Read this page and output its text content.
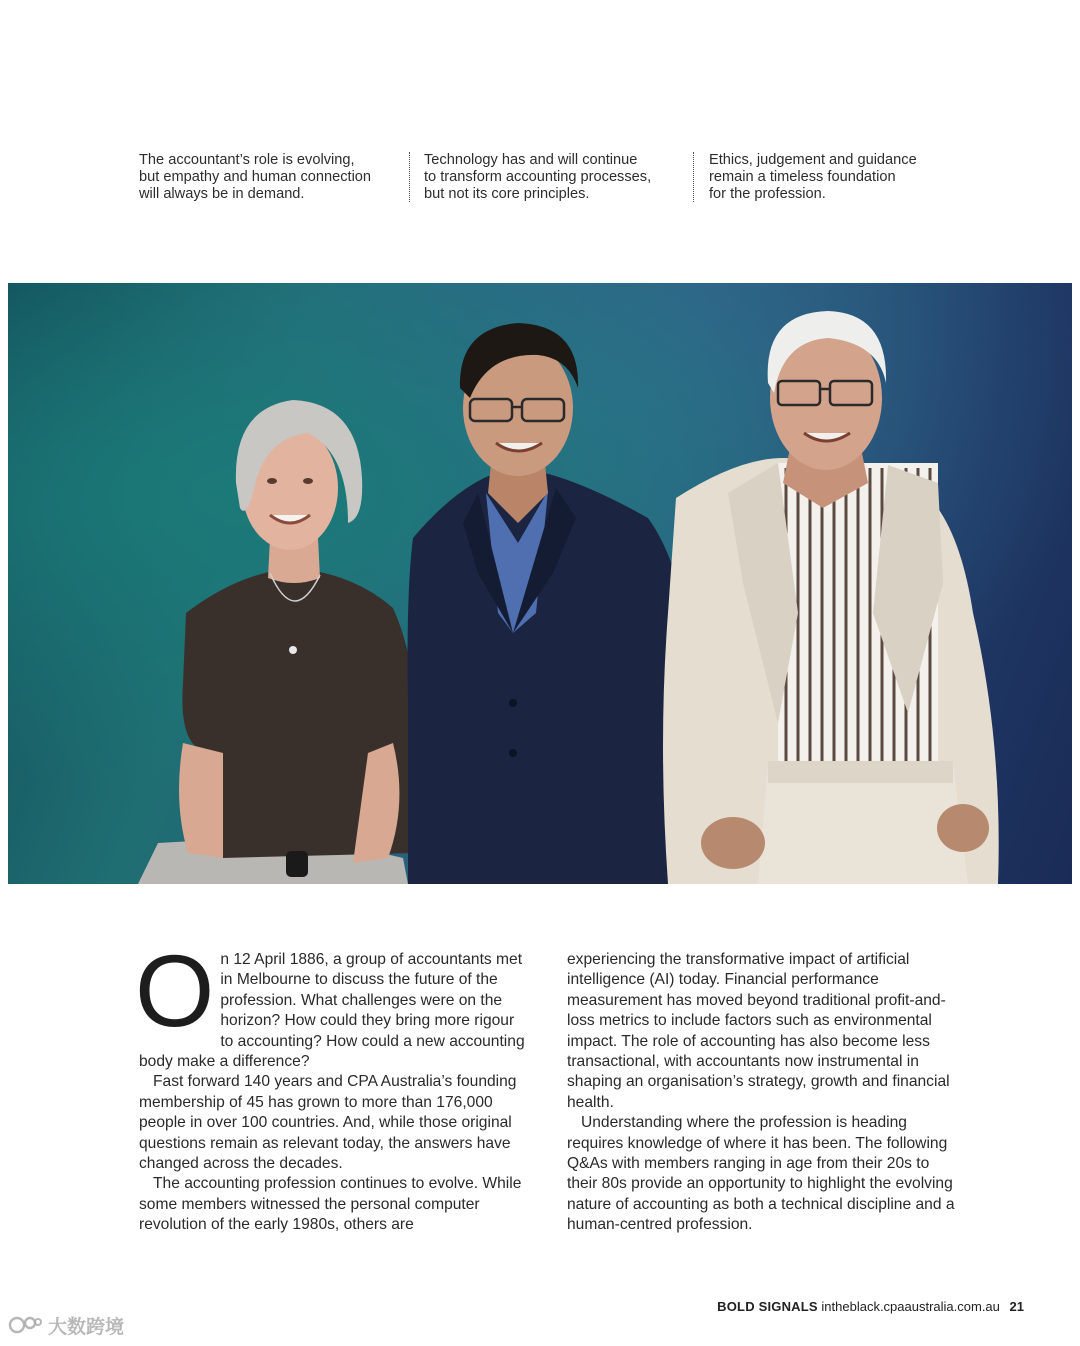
The accountant’s role is evolving,
but empathy and human connection
will always be in demand.
Technology has and will continue
to transform accounting processes,
but not its core principles.
Ethics, judgement and guidance
remain a timeless foundation
for the profession.

On 12 April 1886, a group of accountants met in Melbourne to discuss the future of the profession. What challenges were on the horizon? How could they bring more rigour to accounting? How could a new accounting body make a difference?

Fast forward 140 years and CPA Australia’s founding membership of 45 has grown to more than 176,000 people in over 100 countries. And, while those original questions remain as relevant today, the answers have changed across the decades.

The accounting profession continues to evolve. While some members witnessed the personal computer revolution of the early 1980s, others are

experiencing the transformative impact of artificial intelligence (AI) today. Financial performance measurement has moved beyond traditional profit-and-loss metrics to include factors such as environmental impact. The role of accounting has also become less transactional, with accountants now instrumental in shaping an organisation’s strategy, growth and financial health.

Understanding where the profession is heading requires knowledge of where it has been. The following Q&As with members ranging in age from their 20s to their 80s provide an opportunity to highlight the evolving nature of accounting as both a technical discipline and a human-centred profession.

BOLD SIGNALS intheblack.cpaaustralia.com.au 21
大数跨境
